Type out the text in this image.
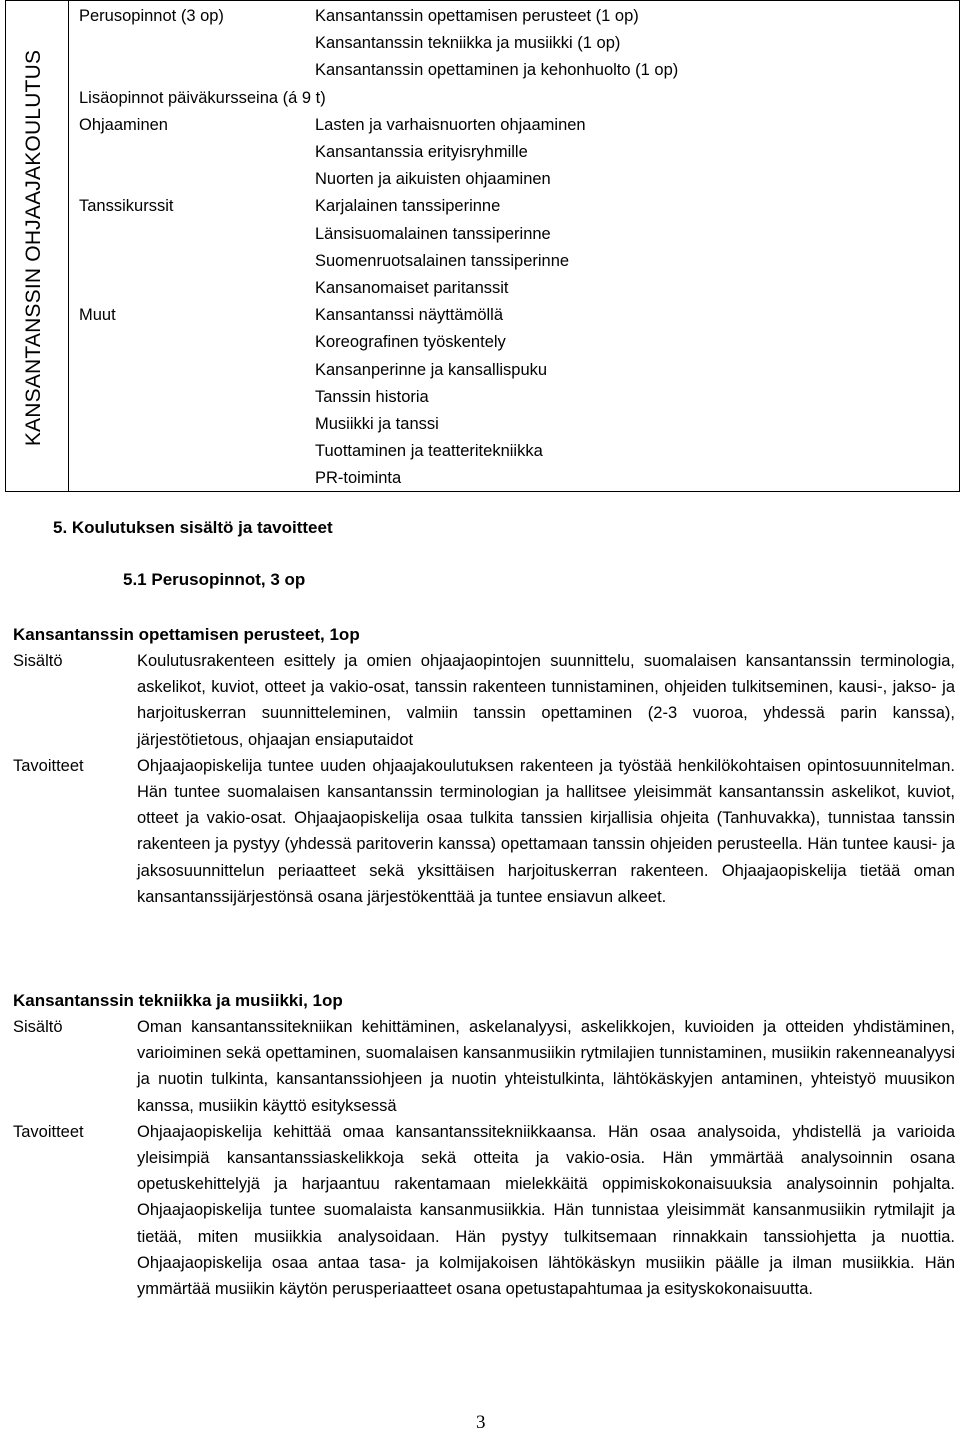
KANSANTANSSIN OHJAAJAKOULUTUS
Perusopinnot (3 op)	Kansantanssin opettamisen perusteet (1 op)
Kansantanssin tekniikka ja musiikki (1 op)
Kansantanssin opettaminen ja kehonhuolto (1 op)
Lisäopinnot päiväkursseina (á 9 t)
Ohjaaminen	Lasten ja varhaisnuorten ohjaaminen
Kansantanssia erityisryhmille
Nuorten ja aikuisten ohjaaminen
Tanssikurssit	Karjalainen tanssiperinne
Länsisuomalainen tanssiperinne
Suomenruotsalainen tanssiperinne
Kansanomaiset paritanssit
Muut	Kansantanssi näyttämöllä
Koreografinen työskentely
Kansanperinne ja kansallispuku
Tanssin historia
Musiikki ja tanssi
Tuottaminen ja teatteritekniikka
PR-toiminta
5. Koulutuksen sisältö ja tavoitteet
5.1 Perusopinnot, 3 op
Kansantanssin opettamisen perusteet, 1op
Sisältö	Koulutusrakenteen esittely ja omien ohjaajaopintojen suunnittelu, suomalaisen kansantanssin terminologia, askelikot, kuviot, otteet ja vakio-osat, tanssin rakenteen tunnistaminen, ohjeiden tulkitseminen, kausi-, jakso- ja harjoituskerran suunnitteleminen, valmiin tanssin opettaminen (2-3 vuoroa, yhdessä parin kanssa), järjestötietous, ohjaajan ensiaputaidot
Tavoitteet	Ohjaajaopiskelija tuntee uuden ohjaajakoulutuksen rakenteen ja työstää henkilökohtaisen opintosuunnitelman. Hän tuntee suomalaisen kansantanssin terminologian ja hallitsee yleisimmät kansantanssin askelikot, kuviot, otteet ja vakio-osat. Ohjaajaopiskelija osaa tulkita tanssien kirjallisia ohjeita (Tanhuvakka), tunnistaa tanssin rakenteen ja pystyy (yhdessä paritoverin kanssa) opettamaan tanssin ohjeiden perusteella. Hän tuntee kausi- ja jaksosuunnittelun periaatteet sekä yksittäisen harjoituskerran rakenteen. Ohjaajaopiskelija tietää oman kansantanssijärjestönsä osana järjestökenttää ja tuntee ensiavun alkeet.
Kansantanssin tekniikka ja musiikki, 1op
Sisältö	Oman kansantanssitekniikan kehittäminen, askelanalyysi, askelikkojen, kuvioiden ja otteiden yhdistäminen, varioiminen sekä opettaminen, suomalaisen kansanmusiikin rytmilajien tunnistaminen, musiikin rakenneanalyysi ja nuotin tulkinta, kansantanssiohjeen ja nuotin yhteistulkinta, lähtökäskyjen antaminen, yhteistyö muusikon kanssa, musiikin käyttö esityksessä
Tavoitteet	Ohjaajaopiskelija kehittää omaa kansantanssitekniikkaansa. Hän osaa analysoida, yhdistellä ja varioida yleisimpiä kansantanssiaskelikkoja sekä otteita ja vakio-osia. Hän ymmärtää analysoinnin osana opetuskehittelyjä ja harjaantuu rakentamaan mielekkäitä oppimiskokonaisuuksia analysoinnin pohjalta. Ohjaajaopiskelija tuntee suomalaista kansanmusiikkia. Hän tunnistaa yleisimmät kansanmusiikin rytmilajit ja tietää, miten musiikkia analysoidaan. Hän pystyy tulkitsemaan rinnakkain tanssiohjetta ja nuottia. Ohjaajaopiskelija osaa antaa tasa- ja kolmijakoisen lähtökäskyn musiikin päälle ja ilman musiikkia. Hän ymmärtää musiikin käytön perusperiaatteet osana opetustapahtumaa ja esityskokonaisuutta.
3
